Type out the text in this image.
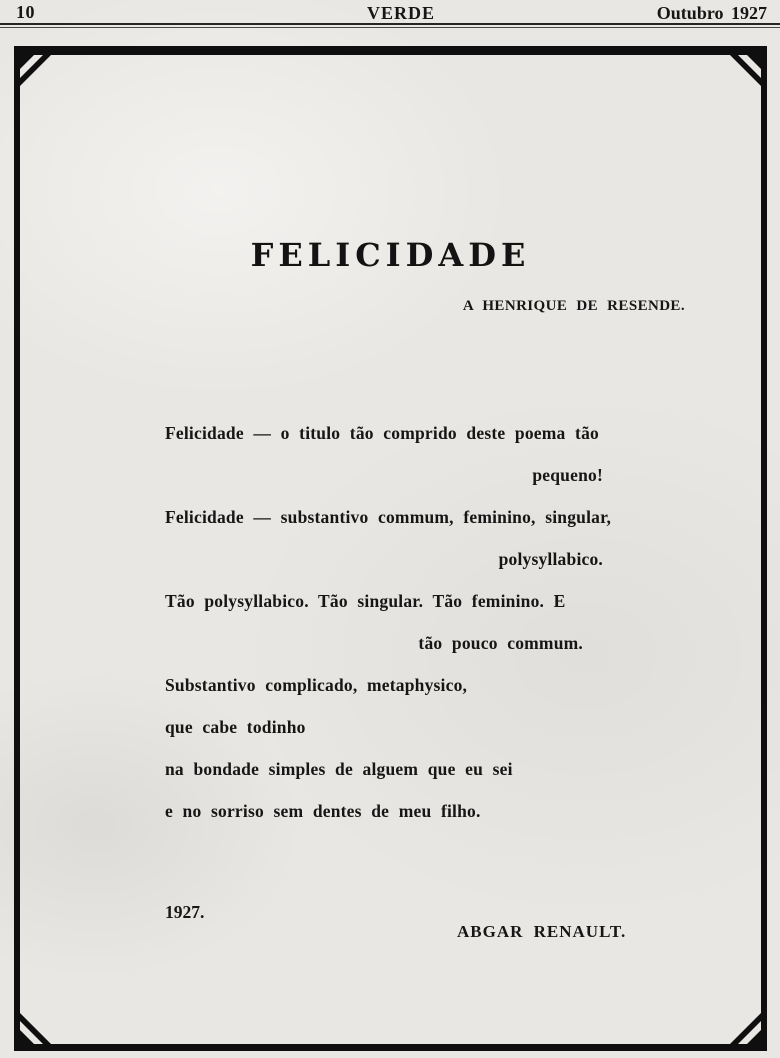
10	VERDE	Outubro 1927
FELICIDADE
A HENRIQUE DE RESENDE.
Felicidade — o titulo tão comprido deste poema tão
pequeno!
Felicidade — substantivo commum, feminino, singular,
polysyllabico.
Tão polysyllabico. Tão singular. Tão feminino. E
tão pouco commum.
Substantivo complicado, metaphysico,
que cabe todinho
na bondade simples de alguem que eu sei
e no sorriso sem dentes de meu filho.
1927.
ABGAR RENAULT.
